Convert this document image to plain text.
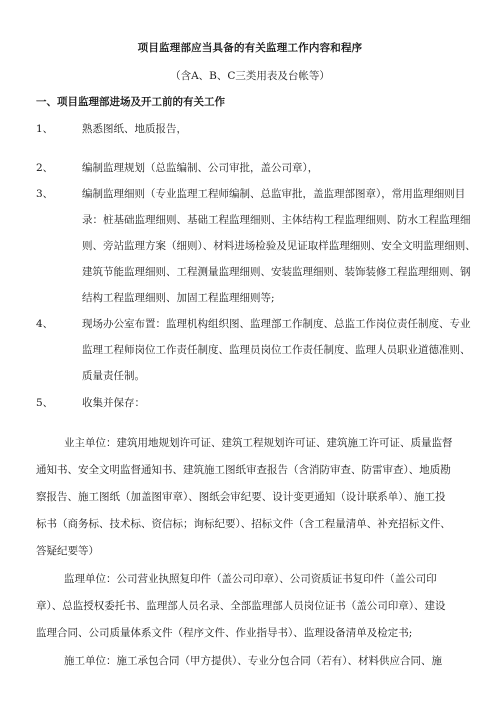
项目监理部应当具备的有关监理工作内容和程序
（含A、B、C三类用表及台帐等）
一、项目监理部进场及开工前的有关工作
1、	熟悉图纸、地质报告，
2、	编制监理规划（总监编制、公司审批，盖公司章），
3、	编制监理细则（专业监理工程师编制、总监审批，盖监理部图章），常用监理细则目
录：桩基础监理细则、基础工程监理细则、主体结构工程监理细则、防水工程监理细
则、旁站监理方案（细则）、材料进场检验及见证取样监理细则、安全文明监理细则、
建筑节能监理细则、工程测量监理细则、安装监理细则、装饰装修工程监理细则、钢
结构工程监理细则、加固工程监理细则等;
4、	现场办公室布置：监理机构组织图、监理部工作制度、总监工作岗位责任制度、专业
监理工程师岗位工作责任制度、监理员岗位工作责任制度、监理人员职业道德准则、
质量责任制。
5、	收集并保存：
业主单位：建筑用地规划许可证、建筑工程规划许可证、建筑施工许可证、质量监督
通知书、安全文明监督通知书、建筑施工图纸审查报告（含消防审查、防雷审查）、地质勘
察报告、施工图纸（加盖图审章）、图纸会审纪要、设计变更通知（设计联系单）、施工投
标书（商务标、技术标、资信标；询标纪要）、招标文件（含工程量清单、补充招标文件、
答疑纪要等）
监理单位：公司营业执照复印件（盖公司印章）、公司资质证书复印件（盖公司印
章）、总监授权委托书、监理部人员名录、全部监理部人员岗位证书（盖公司印章）、建设
监理合同、公司质量体系文件（程序文件、作业指导书）、监理设备清单及检定书;
施工单位：施工承包合同（甲方提供）、专业分包合同（若有）、材料供应合同、施
